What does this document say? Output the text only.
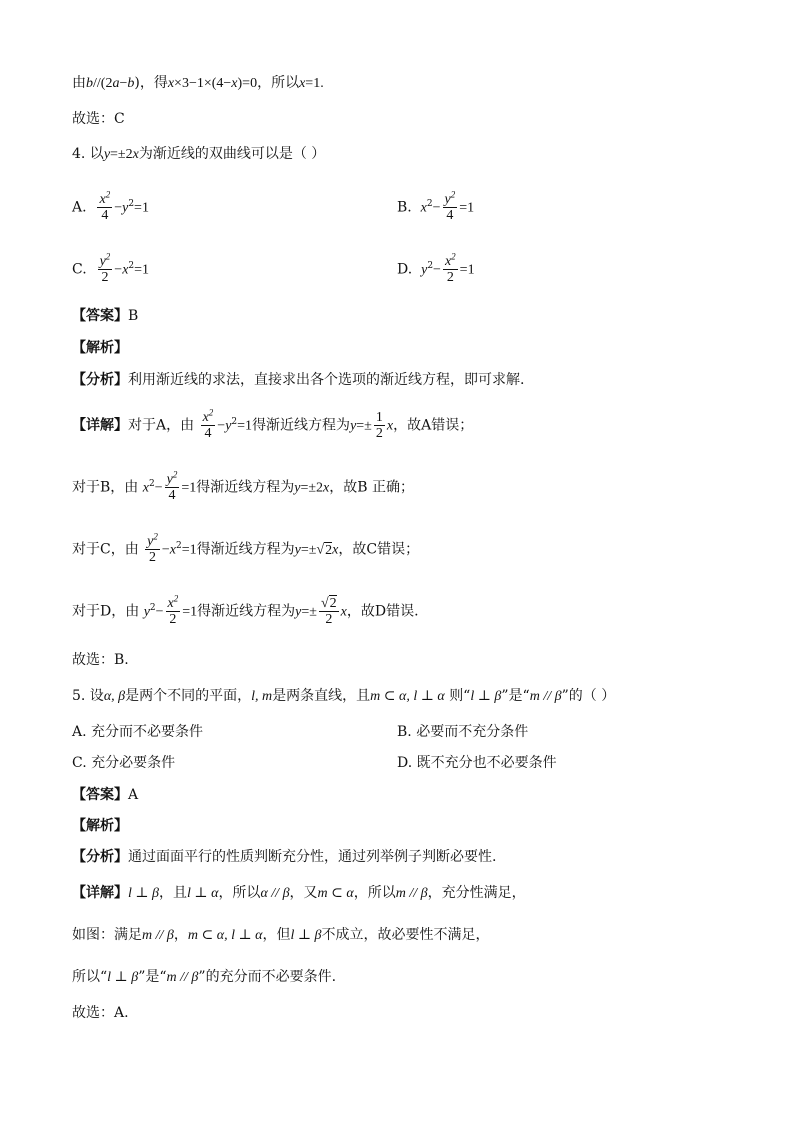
由b//(2a−b)，得x×3−1×(4−x)=0，所以x=1.
故选：C
4. 以y=±2x为渐近线的双曲线可以是（ ）
A. $\frac{x^2}{4} -y^2=1$	B. $x^2- \frac{y^2}{4} =1$
C. $\frac{y^2}{2} -x^2=1$	D. $y^2- \frac{x^2}{2} =1$
【答案】B
【解析】
【分析】利用渐近线的求法，直接求出各个选项的渐近线方程，即可求解.
【详解】对于A，由 $\frac{x^2}{4} -y^2=1$得渐近线方程为$y=\pm \frac{1}{2}$ x，故A错误；
对于B，由 $x^2- \frac{y^2}{4} =1$得渐近线方程为y=±2x，故B 正确；
对于C，由 $\frac{y^2}{2} -x^2=1$得渐近线方程为y=±√2x，故C错误；
对于D，由 $y^2- \frac{x^2}{2} =1$得渐近线方程为$y=\pm \frac{√2}{2}$ x，故D错误.
故选：B.
5. 设α, β是两个不同的平面，l, m是两条直线，且m ⊂ α, l ⊥ α 则“l ⊥ β”是“m // β”的（ ）
A. 充分而不必要条件	B. 必要而不充分条件
C. 充分必要条件	D. 既不充分也不必要条件
【答案】A
【解析】
【分析】通过面面平行的性质判断充分性，通过列举例子判断必要性.
【详解】l ⊥ β，且l ⊥ α，所以α // β，又m ⊂ α，所以m // β，充分性满足，
如图：满足m // β，m ⊂ α, l ⊥ α，但l ⊥ β不成立，故必要性不满足，
所以“l ⊥ β”是“m // β”的充分而不必要条件.
故选：A.
